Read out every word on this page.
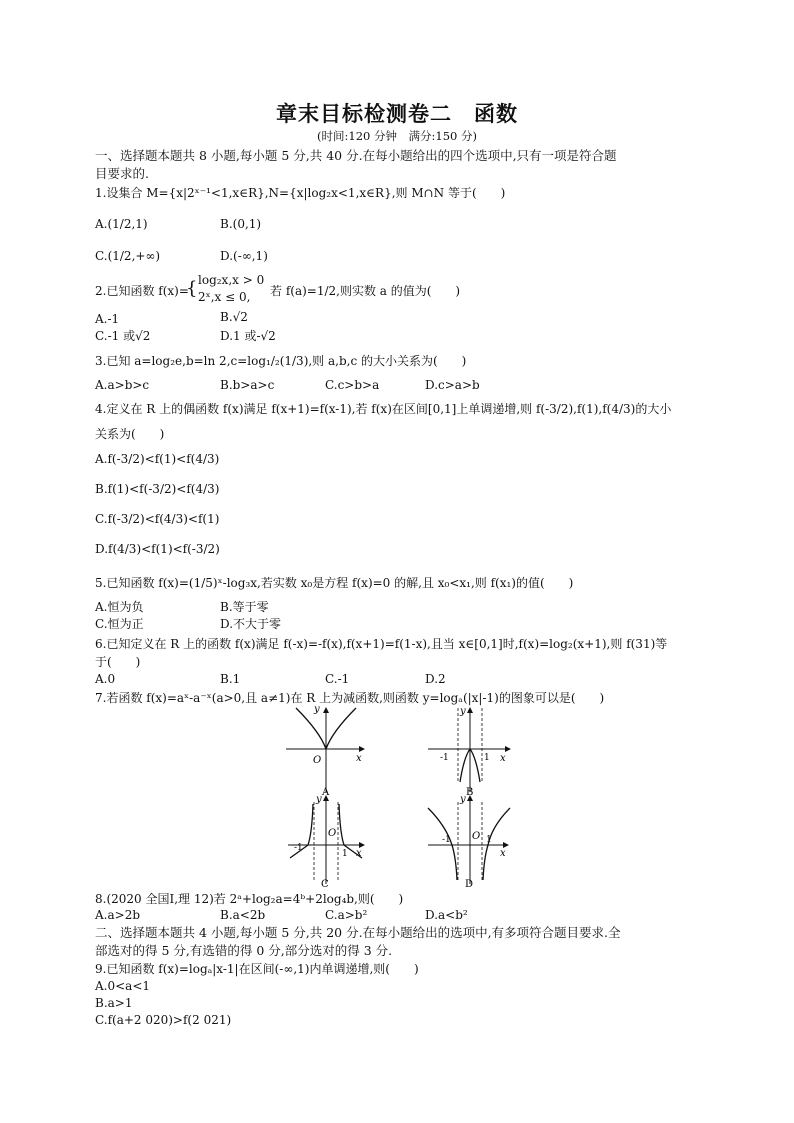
章末目标检测卷二　函数
(时间:120 分钟　满分:150 分)
一、选择题本题共 8 小题,每小题 5 分,共 40 分.在每小题给出的四个选项中,只有一项是符合题
目要求的.
1.设集合 M={x|2ˣ⁻¹<1,x∈R},N={x|log₂x<1,x∈R},则 M∩N 等于(　　)
A.(1/2,1)	B.(0,1)
C.(1/2,+∞)	D.(-∞,1)
2.已知函数 f(x)=
{ log₂x,x > 0
2ˣ,x ≤ 0, 若 f(a)=1/2,则实数 a 的值为(　　)
A.-1	B.√2
C.-1 或√2	D.1 或-√2
3.已知 a=log₂e,b=ln 2,c=log₁/₂(1/3),则 a,b,c 的大小关系为(　　)
A.a>b>c	B.b>a>c	C.c>b>a	D.c>a>b
4.定义在 R 上的偶函数 f(x)满足 f(x+1)=f(x-1),若 f(x)在区间[0,1]上单调递增,则 f(-3/2),f(1),f(4/3)的大小
关系为(　　)
A.f(-3/2)<f(1)<f(4/3)
B.f(1)<f(-3/2)<f(4/3)
C.f(-3/2)<f(4/3)<f(1)
D.f(4/3)<f(1)<f(-3/2)
5.已知函数 f(x)=(1/5)ˣ-log₃x,若实数 x₀是方程 f(x)=0 的解,且 x₀<x₁,则 f(x₁)的值(　　)
A.恒为负	B.等于零
C.恒为正	D.不大于零
6.已知定义在 R 上的函数 f(x)满足 f(-x)=-f(x),f(x+1)=f(1-x),且当 x∈[0,1]时,f(x)=log₂(x+1),则 f(31)等
于(　　)
A.0	B.1	C.-1	D.2
7.若函数 f(x)=aˣ-a⁻ˣ(a>0,且 a≠1)在 R 上为减函数,则函数 y=logₐ(|x|-1)的图象可以是(　　)
O	x
y
A
-1	1
y
x
B
-1
1
O
y
x
C
-1	1
O
y
x
D
8.(2020 全国Ⅰ,理 12)若 2ᵃ+log₂a=4ᵇ+2log₄b,则(　　)
A.a>2b	B.a<2b	C.a>b²	D.a<b²
二、选择题本题共 4 小题,每小题 5 分,共 20 分.在每小题给出的选项中,有多项符合题目要求.全
部选对的得 5 分,有选错的得 0 分,部分选对的得 3 分.
9.已知函数 f(x)=logₐ|x-1|在区间(-∞,1)内单调递增,则(　　)
A.0<a<1
B.a>1
C.f(a+2 020)>f(2 021)
